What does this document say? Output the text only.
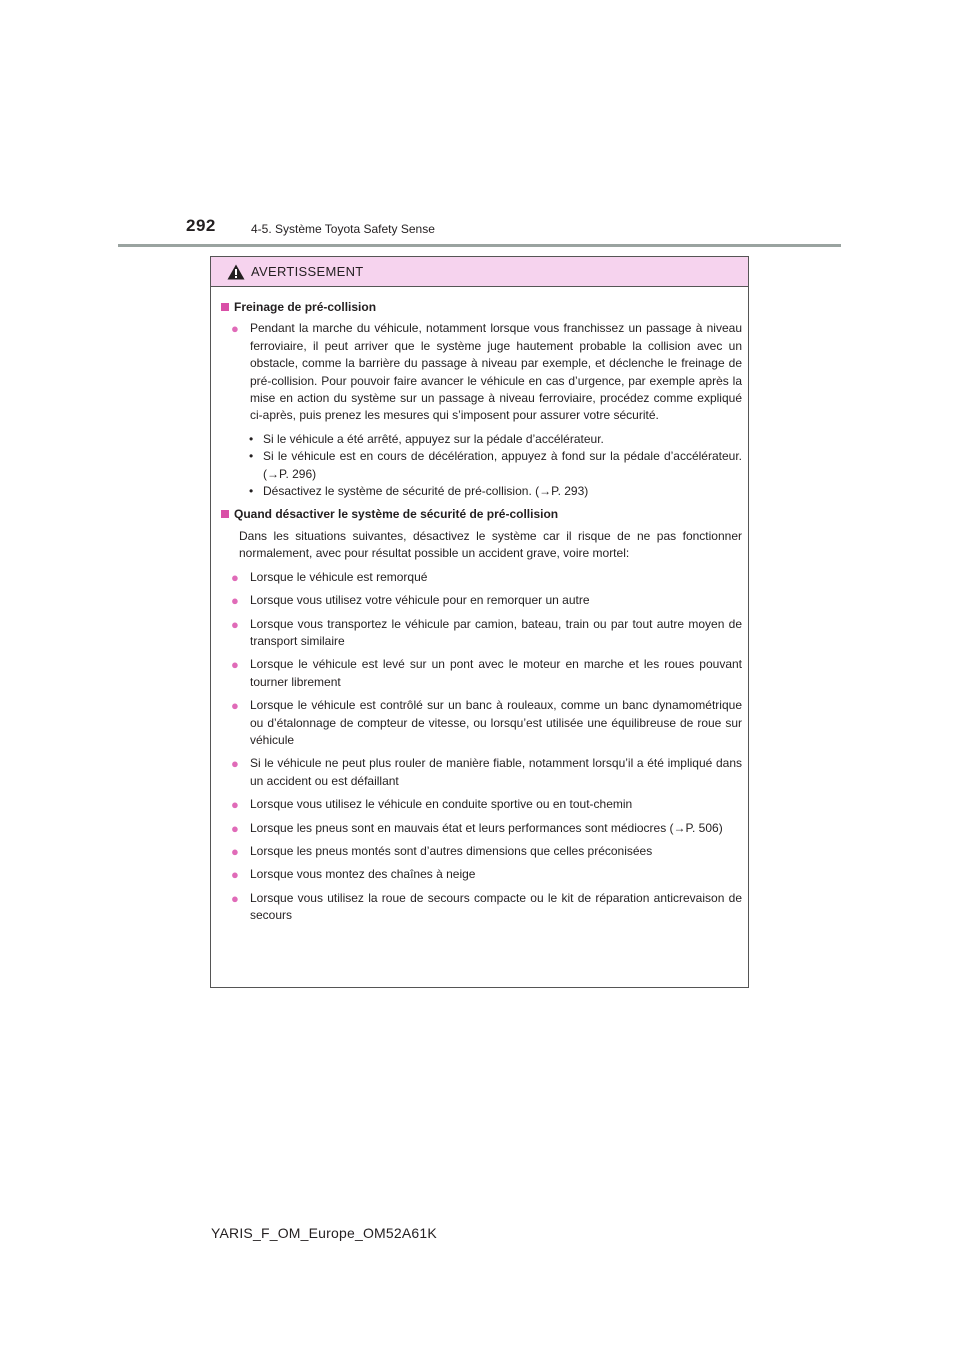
292	4-5. Système Toyota Safety Sense
AVERTISSEMENT
Freinage de pré-collision
● Pendant la marche du véhicule, notamment lorsque vous franchissez un passage à niveau ferroviaire, il peut arriver que le système juge hautement probable la collision avec un obstacle, comme la barrière du passage à niveau par exemple, et déclenche le freinage de pré-collision. Pour pouvoir faire avancer le véhicule en cas d’urgence, par exemple après la mise en action du système sur un passage à niveau ferroviaire, procédez comme expliqué ci-après, puis prenez les mesures qui s’imposent pour assurer votre sécurité.
• Si le véhicule a été arrêté, appuyez sur la pédale d’accélérateur.
• Si le véhicule est en cours de décélération, appuyez à fond sur la pédale d’accélérateur. (→P. 296)
• Désactivez le système de sécurité de pré-collision. (→P. 293)
Quand désactiver le système de sécurité de pré-collision
Dans les situations suivantes, désactivez le système car il risque de ne pas fonctionner normalement, avec pour résultat possible un accident grave, voire mortel:
● Lorsque le véhicule est remorqué
● Lorsque vous utilisez votre véhicule pour en remorquer un autre
● Lorsque vous transportez le véhicule par camion, bateau, train ou par tout autre moyen de transport similaire
● Lorsque le véhicule est levé sur un pont avec le moteur en marche et les roues pouvant tourner librement
● Lorsque le véhicule est contrôlé sur un banc à rouleaux, comme un banc dynamométrique ou d’étalonnage de compteur de vitesse, ou lorsqu’est utilisée une équilibreuse de roue sur véhicule
● Si le véhicule ne peut plus rouler de manière fiable, notamment lorsqu’il a été impliqué dans un accident ou est défaillant
● Lorsque vous utilisez le véhicule en conduite sportive ou en tout-chemin
● Lorsque les pneus sont en mauvais état et leurs performances sont médiocres (→P. 506)
● Lorsque les pneus montés sont d’autres dimensions que celles préconisées
● Lorsque vous montez des chaînes à neige
● Lorsque vous utilisez la roue de secours compacte ou le kit de réparation anticrevaison de secours
YARIS_F_OM_Europe_OM52A61K
